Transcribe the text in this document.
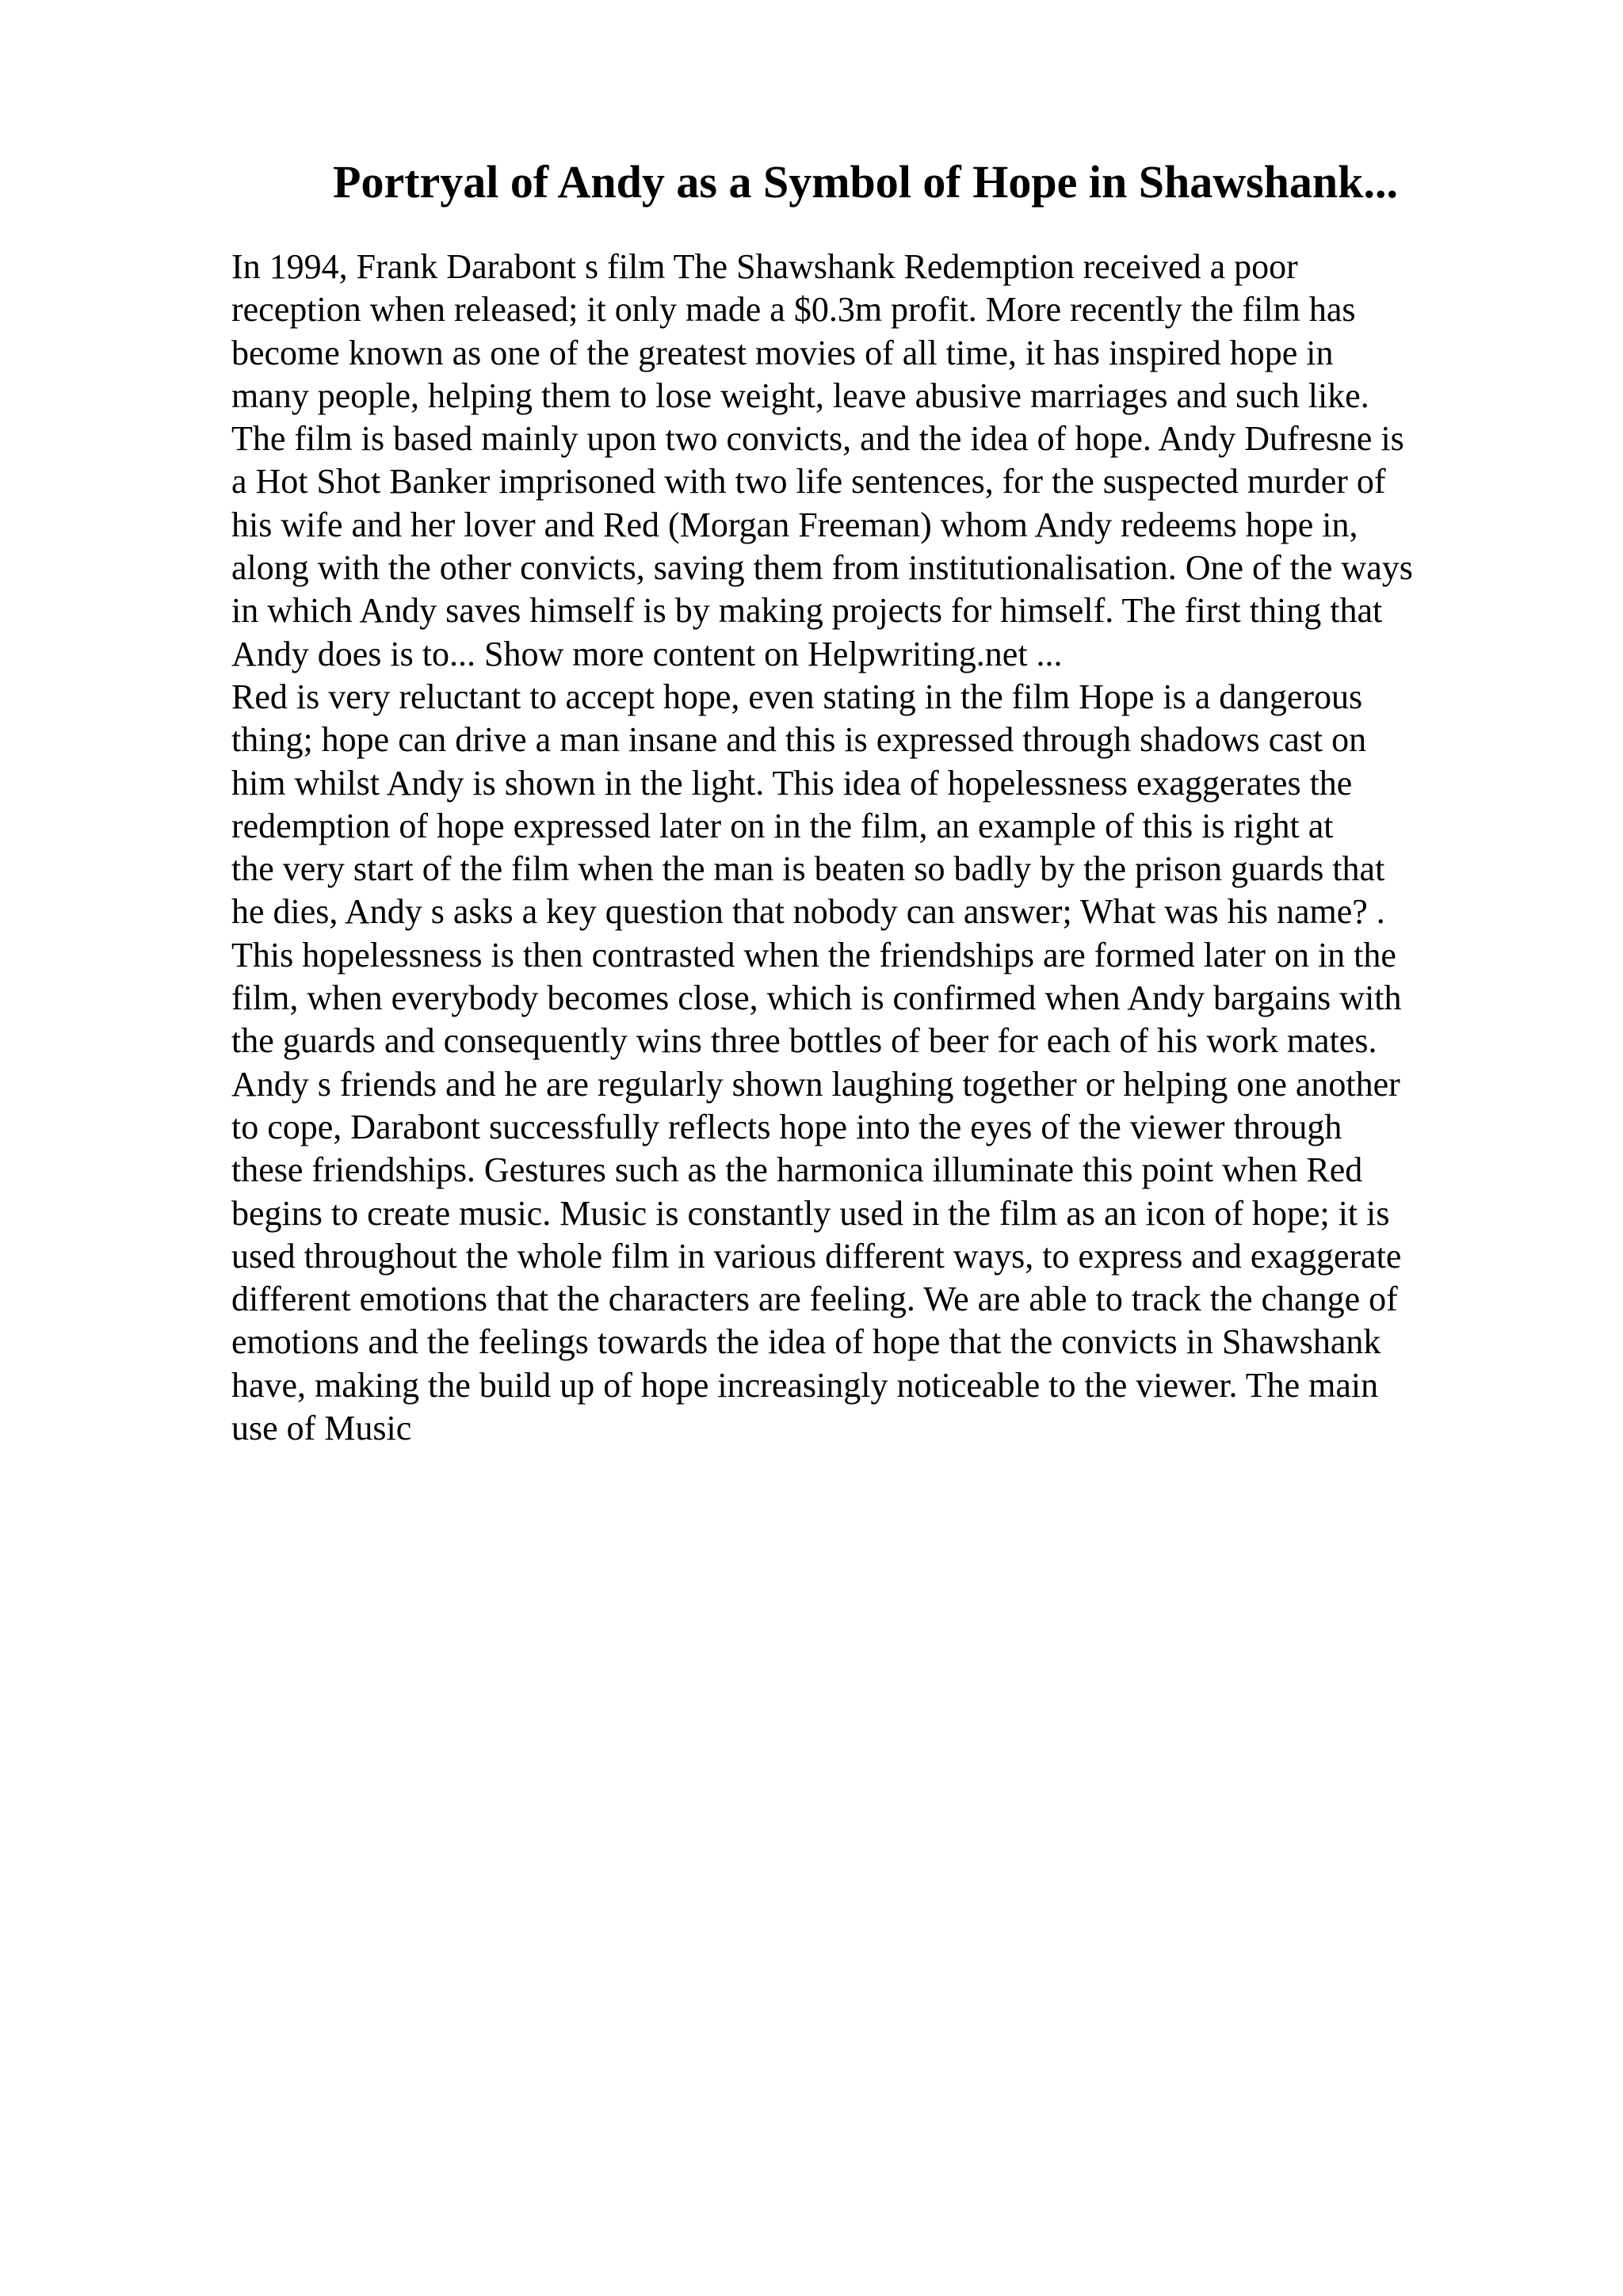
Portryal of Andy as a Symbol of Hope in Shawshank...
In 1994, Frank Darabont s film The Shawshank Redemption received a poor
reception when released; it only made a $0.3m profit. More recently the film has
become known as one of the greatest movies of all time, it has inspired hope in
many people, helping them to lose weight, leave abusive marriages and such like.
The film is based mainly upon two convicts, and the idea of hope. Andy Dufresne is
a Hot Shot Banker imprisoned with two life sentences, for the suspected murder of
his wife and her lover and Red (Morgan Freeman) whom Andy redeems hope in,
along with the other convicts, saving them from institutionalisation. One of the ways
in which Andy saves himself is by making projects for himself. The first thing that
Andy does is to... Show more content on Helpwriting.net ...
Red is very reluctant to accept hope, even stating in the film Hope is a dangerous
thing; hope can drive a man insane and this is expressed through shadows cast on
him whilst Andy is shown in the light. This idea of hopelessness exaggerates the
redemption of hope expressed later on in the film, an example of this is right at
the very start of the film when the man is beaten so badly by the prison guards that
he dies, Andy s asks a key question that nobody can answer; What was his name? .
This hopelessness is then contrasted when the friendships are formed later on in the
film, when everybody becomes close, which is confirmed when Andy bargains with
the guards and consequently wins three bottles of beer for each of his work mates.
Andy s friends and he are regularly shown laughing together or helping one another
to cope, Darabont successfully reflects hope into the eyes of the viewer through
these friendships. Gestures such as the harmonica illuminate this point when Red
begins to create music. Music is constantly used in the film as an icon of hope; it is
used throughout the whole film in various different ways, to express and exaggerate
different emotions that the characters are feeling. We are able to track the change of
emotions and the feelings towards the idea of hope that the convicts in Shawshank
have, making the build up of hope increasingly noticeable to the viewer. The main
use of Music
